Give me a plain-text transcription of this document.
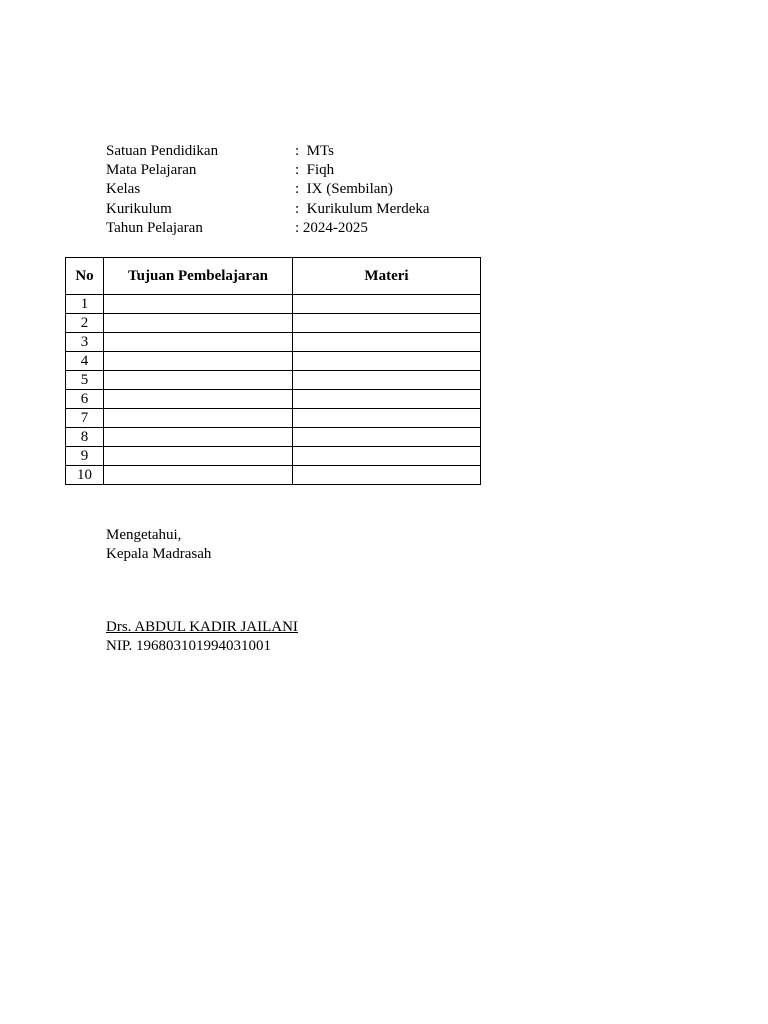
Satuan Pendidikan	:  MTs
Mata Pelajaran	:  Fiqh
Kelas	:  IX (Sembilan)
Kurikulum	:  Kurikulum Merdeka
Tahun Pelajaran	: 2024-2025
No	Tujuan Pembelajaran	Materi
1		
2		
3		
4		
5		
6		
7		
8		
9		
10		
Mengetahui,
Kepala Madrasah
Drs. ABDUL KADIR JAILANI
NIP. 196803101994031001
